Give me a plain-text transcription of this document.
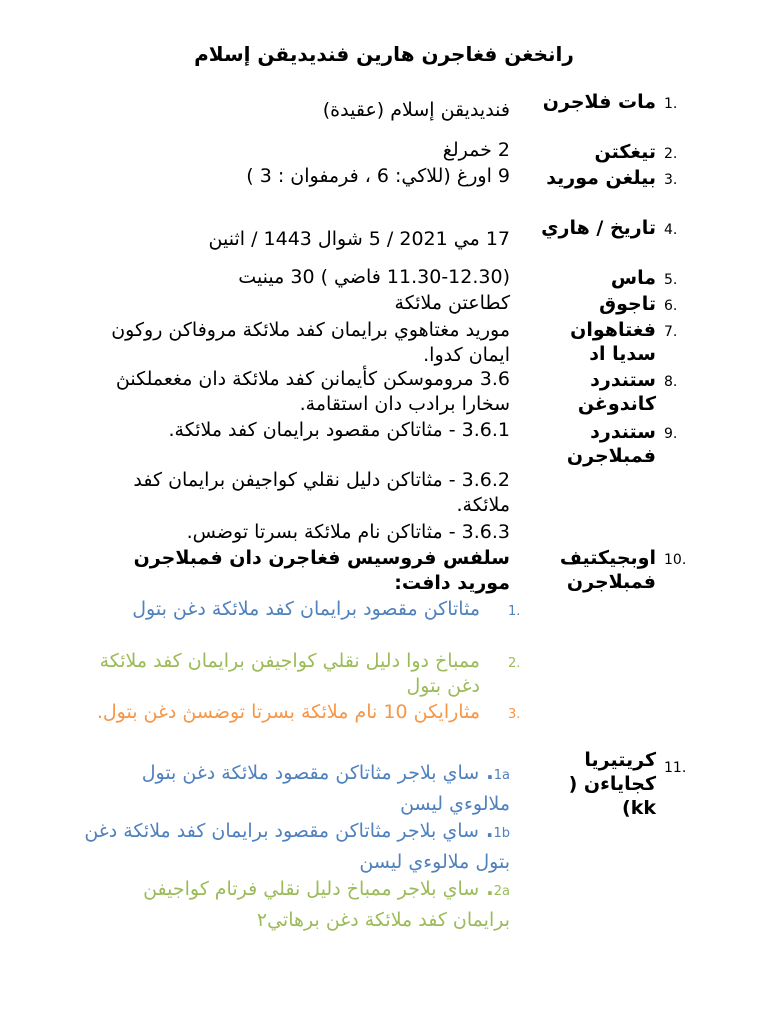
رانخغن فغاجرن هارين فنديديقن إسلام
1.
مات فلاجرن
فنديديقن إسلام (عقيدة)
2.
تيغكتن
2 خمرلغ
3.
بيلغن موريد
9 اورغ (للاكي: 6 ، فرمفوان : 3 )
4.
تاريخ / هاري
17 مي 2021 / 5 شوال 1443 / اثنين
5.
ماس
(11.30-12.30 فاضي ) 30 مينيت
6.
تاجوق
كطاعتن ملائكة
7.
فغتاهوان سديا اد
موريد مغتاهوي برايمان كفد ملائكة مروفاكن روكون ايمان كدوا.
8.
ستندرد كاندوغن
3.6 مروموسكن كأيمانن كفد ملائكة دان مغعملكنڽ سخارا برادب دان استقامة.
9.
ستندرد فمبلاجرن
3.6.1 - مثاتاكن مقصود برايمان كفد ملائكة.
3.6.2 - مثاتاكن دليل نقلي كواجيفن برايمان كفد ملائكة.
3.6.3 - مثاتاكن نام ملائكة بسرتا توضس.
10.
اوبجيكتيف فمبلاجرن
سلفس فروسيس فغاجرن دان فمبلاجرن موريد دافت:
1.
مثاتاكن مقصود برايمان كفد ملائكة دغن بتول
2.
ممباخ دوا دليل نقلي كواجيفن برايمان كفد ملائكة دغن بتول
3.
مثارايكن 10 نام ملائكة بسرتا توضسڽ دغن بتول.
11.
كريتيريا كجاياءن ( kk)
1a. ساي بلاجر مثاتاكن مقصود ملائكة دغن بتول ملالوءي ليسن
1b. ساي بلاجر مثاتاكن مقصود برايمان كفد ملائكة دغن بتول ملالوءي ليسن
2a. ساي بلاجر ممباخ دليل نقلي فرتام كواجيفن برايمان كفد ملائكة دغن برهاتي٢
